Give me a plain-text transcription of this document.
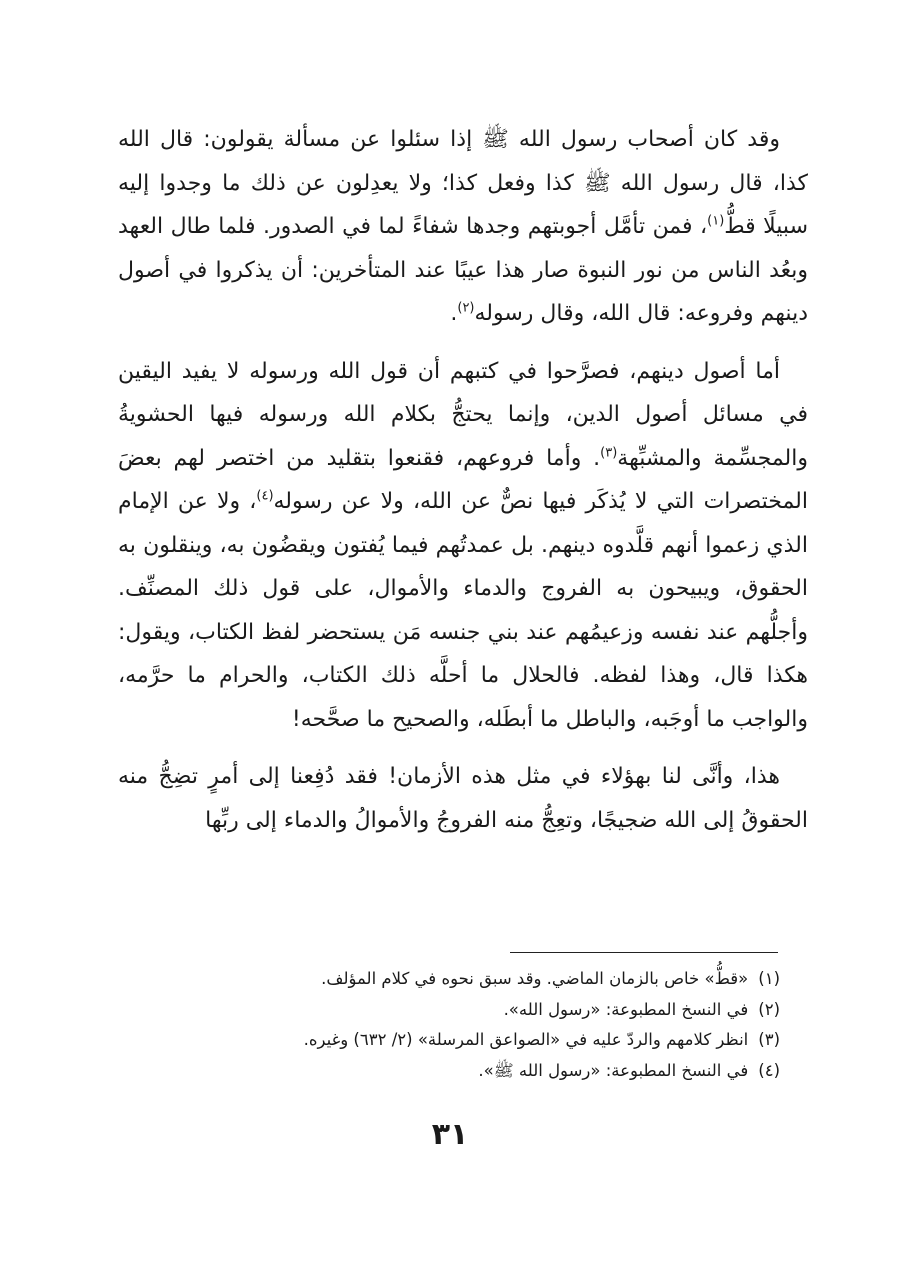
وقد كان أصحاب رسول الله ﷺ إذا سئلوا عن مسألة يقولون: قال الله كذا، قال رسول الله ﷺ كذا وفعل كذا؛ ولا يعدِلون عن ذلك ما وجدوا إليه سبيلًا قطُّ$^{(١)}$، فمن تأمَّل أجوبتهم وجدها شفاءً لما في الصدور. فلما طال العهد وبعُد الناس من نور النبوة صار هذا عيبًا عند المتأخرين: أن يذكروا في أصول دينهم وفروعه: قال الله، وقال رسوله$^{(٢)}$.

أما أصول دينهم، فصرَّحوا في كتبهم أن قول الله ورسوله لا يفيد اليقين في مسائل أصول الدين، وإنما يحتجُّ بكلام الله ورسوله فيها الحشويةُ والمجسِّمة والمشبِّهة$^{(٣)}$. وأما فروعهم، فقنعوا بتقليد من اختصر لهم بعضَ المختصرات التي لا يُذكَر فيها نصٌّ عن الله، ولا عن رسوله$^{(٤)}$، ولا عن الإمام الذي زعموا أنهم قلَّدوه دينهم. بل عمدتُهم فيما يُفتون ويقضُون به، وينقلون به الحقوق، ويبيحون به الفروج والدماء والأموال، على قول ذلك المصنِّف. وأجلُّهم عند نفسه وزعيمُهم عند بني جنسه مَن يستحضر لفظ الكتاب، ويقول: هكذا قال، وهذا لفظه. فالحلال ما أحلَّه ذلك الكتاب، والحرام ما حرَّمه، والواجب ما أوجَبه، والباطل ما أبطَله، والصحيح ما صحَّحه!

هذا، وأنَّى لنا بهؤلاء في مثل هذه الأزمان! فقد دُفِعنا إلى أمرٍ تضِجُّ منه الحقوقُ إلى الله ضجيجًا، وتعِجُّ منه الفروجُ والأموالُ والدماء إلى ربِّها

(١)
«قطُّ» خاص بالزمان الماضي. وقد سبق نحوه في كلام المؤلف.
(٢)
في النسخ المطبوعة: «رسول الله».
(٣)
انظر كلامهم والردّ عليه في «الصواعق المرسلة» (٢/ ٦٣٢) وغيره.
(٤)
في النسخ المطبوعة: «رسول الله ﷺ».
٣١
